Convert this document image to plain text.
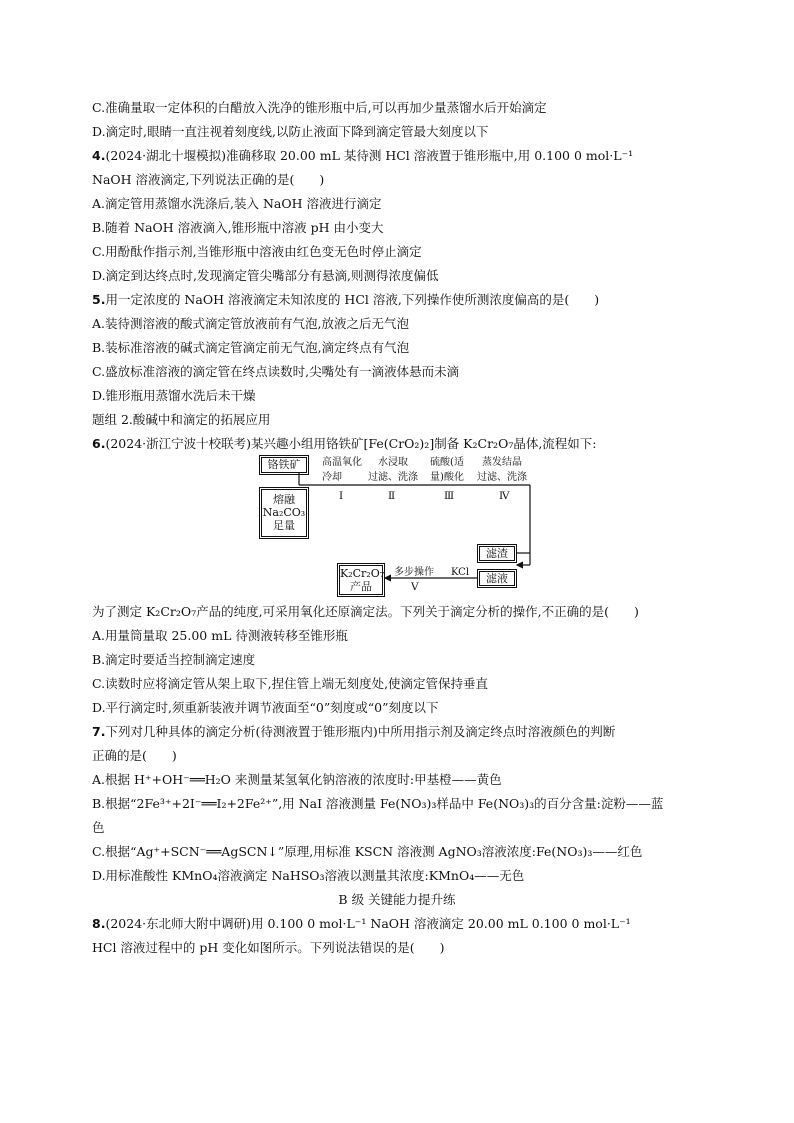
C.准确量取一定体积的白醋放入洗净的锥形瓶中后,可以再加少量蒸馏水后开始滴定
D.滴定时,眼睛一直注视着刻度线,以防止液面下降到滴定管最大刻度以下
4.(2024·湖北十堰模拟)准确移取 20.00 mL 某待测 HCl 溶液置于锥形瓶中,用 0.100 0 mol·L⁻¹
NaOH 溶液滴定,下列说法正确的是(　　)
A.滴定管用蒸馏水洗涤后,装入 NaOH 溶液进行滴定
B.随着 NaOH 溶液滴入,锥形瓶中溶液 pH 由小变大
C.用酚酞作指示剂,当锥形瓶中溶液由红色变无色时停止滴定
D.滴定到达终点时,发现滴定管尖嘴部分有悬滴,则测得浓度偏低
5.用一定浓度的 NaOH 溶液滴定未知浓度的 HCl 溶液,下列操作使所测浓度偏高的是(　　)
A.装待测溶液的酸式滴定管放液前有气泡,放液之后无气泡
B.装标准溶液的碱式滴定管滴定前无气泡,滴定终点有气泡
C.盛放标准溶液的滴定管在终点读数时,尖嘴处有一滴液体悬而未滴
D.锥形瓶用蒸馏水洗后未干燥
题组 2.酸碱中和滴定的拓展应用
6.(2024·浙江宁波十校联考)某兴趣小组用铬铁矿[Fe(CrO₂)₂]制备 K₂Cr₂O₇晶体,流程如下:
铬铁矿
熔融
Na₂CO₃
足量
高温氧化
冷却
Ⅰ
水浸取
过滤、洗涤
Ⅱ
硫酸(适
量)酸化
Ⅲ
蒸发结晶
过滤、洗涤
Ⅳ
滤渣
滤液
KCl
多步操作
Ⅴ
K₂Cr₂O₇
产品
为了测定 K₂Cr₂O₇产品的纯度,可采用氧化还原滴定法。下列关于滴定分析的操作,不正确的是(　　)
A.用量筒量取 25.00 mL 待测液转移至锥形瓶
B.滴定时要适当控制滴定速度
C.读数时应将滴定管从架上取下,捏住管上端无刻度处,使滴定管保持垂直
D.平行滴定时,须重新装液并调节液面至“0”刻度或“0”刻度以下
7.下列对几种具体的滴定分析(待测液置于锥形瓶内)中所用指示剂及滴定终点时溶液颜色的判断
正确的是(　　)
A.根据 H⁺+OH⁻══H₂O 来测量某氢氧化钠溶液的浓度时:甲基橙——黄色
B.根据“2Fe³⁺+2I⁻══I₂+2Fe²⁺”,用 NaI 溶液测量 Fe(NO₃)₃样品中 Fe(NO₃)₃的百分含量:淀粉——蓝
色
C.根据“Ag⁺+SCN⁻══AgSCN↓”原理,用标准 KSCN 溶液测 AgNO₃溶液浓度:Fe(NO₃)₃——红色
D.用标准酸性 KMnO₄溶液滴定 NaHSO₃溶液以测量其浓度:KMnO₄——无色
B 级 关键能力提升练
8.(2024·东北师大附中调研)用 0.100 0 mol·L⁻¹ NaOH 溶液滴定 20.00 mL 0.100 0 mol·L⁻¹
HCl 溶液过程中的 pH 变化如图所示。下列说法错误的是(　　)
